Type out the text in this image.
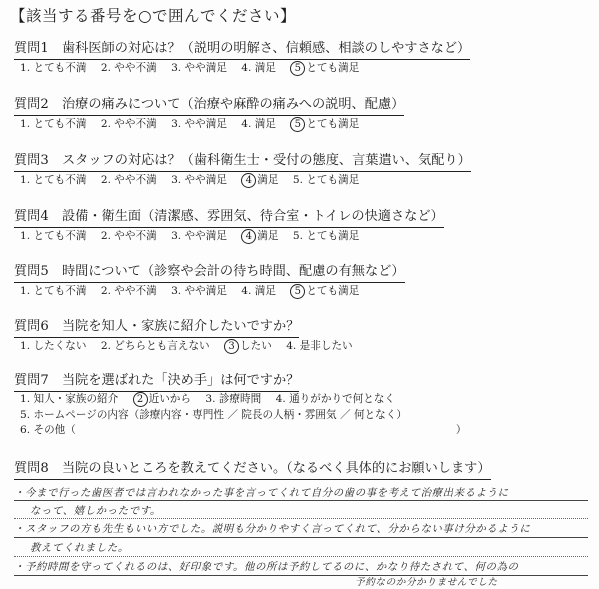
【該当する番号を○で囲んでください】
質問1　歯科医師の対応は？（説明の明解さ、信頼感、相談のしやすさなど）
1. とても不満 2. やや不満 3. やや満足 4. 満足 5 とても満足
質問2　治療の痛みについて（治療や麻酔の痛みへの説明、配慮）
1. とても不満 2. やや不満 3. やや満足 4. 満足 5 とても満足
質問3　スタッフの対応は？（歯科衛生士・受付の態度、言葉遣い、気配り）
1. とても不満 2. やや不満 3. やや満足 4 満足 5. とても満足
質問4　設備・衛生面（清潔感、雰囲気、待合室・トイレの快適さなど）
1. とても不満 2. やや不満 3. やや満足 4 満足 5. とても満足
質問5　時間について（診察や会計の待ち時間、配慮の有無など）
1. とても不満 2. やや不満 3. やや満足 4. 満足 5 とても満足
質問6　当院を知人・家族に紹介したいですか？
1. したくない 2. どちらとも言えない 3 したい 4. 是非したい
質問7　当院を選ばれた「決め手」は何ですか？
1. 知人・家族の紹介 2 近いから 3. 診療時間 4. 通りがかりで何となく
5. ホームページの内容（診療内容・専門性 ／ 院長の人柄・雰囲気 ／ 何となく）
6. その他（	）
質問8　当院の良いところを教えてください。（なるべく具体的にお願いします）
・今まで行った歯医者では言われなかった事を言ってくれて自分の歯の事を考えて治療出来るように
なって、嬉しかったです。
・スタッフの方も先生もいい方でした。説明も分かりやすく言ってくれて、分からない事け分かるように
教えてくれました。
・予約時間を守ってくれるのは、好印象です。他の所は予約してるのに、かなり待たされて、何の為の
予約なのか分かりませんでした
